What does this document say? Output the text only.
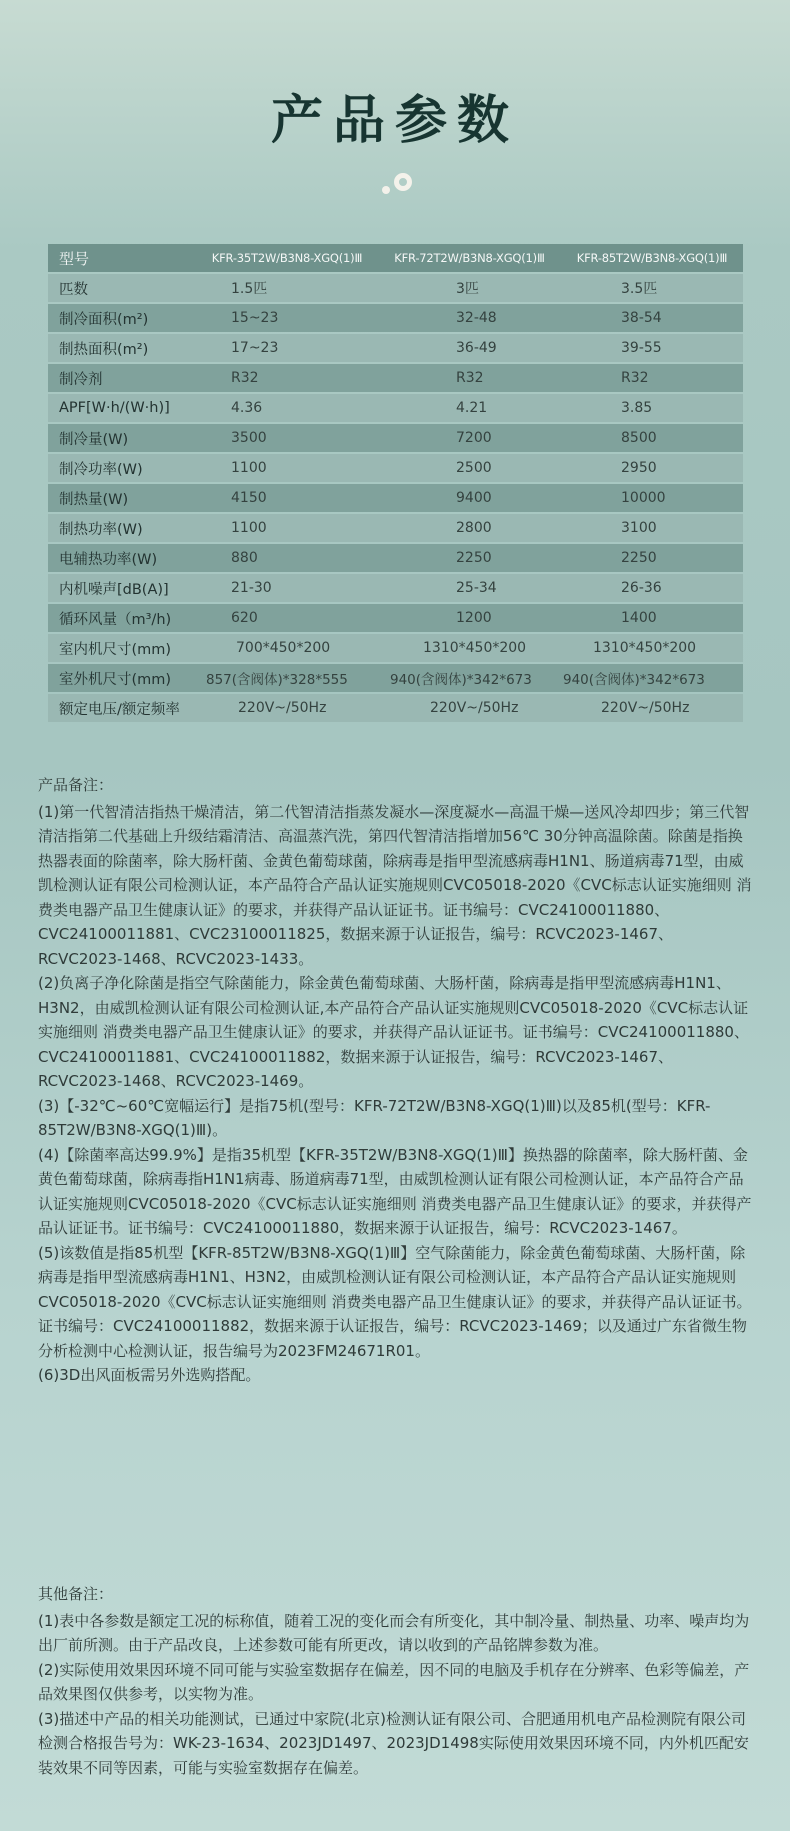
产品参数
型号	KFR-35T2W/B3N8-XGQ(1)Ⅲ	KFR-72T2W/B3N8-XGQ(1)Ⅲ	KFR-85T2W/B3N8-XGQ(1)Ⅲ
匹数	1.5匹	3匹	3.5匹
制冷面积(m²)	15~23	32-48	38-54
制热面积(m²)	17~23	36-49	39-55
制冷剂	R32	R32	R32
APF[W·h/(W·h)]	4.36	4.21	3.85
制冷量(W)	3500	7200	8500
制冷功率(W)	1100	2500	2950
制热量(W)	4150	9400	10000
制热功率(W)	1100	2800	3100
电辅热功率(W)	880	2250	2250
内机噪声[dB(A)]	21-30	25-34	26-36
循环风量（m³/h)	620	1200	1400
室内机尺寸(mm)	700*450*200	1310*450*200	1310*450*200
室外机尺寸(mm)	857(含阀体)*328*555	940(含阀体)*342*673	940(含阀体)*342*673
额定电压/额定频率	220V~/50Hz	220V~/50Hz	220V~/50Hz

产品备注：

(1)第一代智清洁指热干燥清洁，第二代智清洁指蒸发凝水—深度凝水—高温干燥—送风冷却四步；第三代智清洁指第二代基础上升级结霜清洁、高温蒸汽洗，第四代智清洁指增加56℃ 30分钟高温除菌。除菌是指换热器表面的除菌率，除大肠杆菌、金黄色葡萄球菌，除病毒是指甲型流感病毒H1N1、肠道病毒71型，由威凯检测认证有限公司检测认证，本产品符合产品认证实施规则CVC05018-2020《CVC标志认证实施细则 消费类电器产品卫生健康认证》的要求，并获得产品认证证书。证书编号：CVC24100011880、CVC24100011881、CVC23100011825，数据来源于认证报告，编号：RCVC2023-1467、RCVC2023-1468、RCVC2023-1433。

(2)负离子净化除菌是指空气除菌能力，除金黄色葡萄球菌、大肠杆菌，除病毒是指甲型流感病毒H1N1、H3N2，由威凯检测认证有限公司检测认证,本产品符合产品认证实施规则CVC05018-2020《CVC标志认证实施细则 消费类电器产品卫生健康认证》的要求，并获得产品认证证书。证书编号：CVC24100011880、CVC24100011881、CVC24100011882，数据来源于认证报告，编号：RCVC2023-1467、RCVC2023-1468、RCVC2023-1469。

(3)【-32℃~60℃宽幅运行】是指75机(型号：KFR-72T2W/B3N8-XGQ(1)Ⅲ)以及85机(型号：KFR-85T2W/B3N8-XGQ(1)Ⅲ)。

(4)【除菌率高达99.9%】是指35机型【KFR-35T2W/B3N8-XGQ(1)Ⅲ】换热器的除菌率，除大肠杆菌、金黄色葡萄球菌，除病毒指H1N1病毒、肠道病毒71型，由威凯检测认证有限公司检测认证，本产品符合产品认证实施规则CVC05018-2020《CVC标志认证实施细则 消费类电器产品卫生健康认证》的要求，并获得产品认证证书。证书编号：CVC24100011880，数据来源于认证报告，编号：RCVC2023-1467。

(5)该数值是指85机型【KFR-85T2W/B3N8-XGQ(1)Ⅲ】空气除菌能力，除金黄色葡萄球菌、大肠杆菌，除病毒是指甲型流感病毒H1N1、H3N2，由威凯检测认证有限公司检测认证，本产品符合产品认证实施规则CVC05018-2020《CVC标志认证实施细则 消费类电器产品卫生健康认证》的要求，并获得产品认证证书。证书编号：CVC24100011882，数据来源于认证报告，编号：RCVC2023-1469；以及通过广东省微生物分析检测中心检测认证，报告编号为2023FM24671R01。

(6)3D出风面板需另外选购搭配。

其他备注：

(1)表中各参数是额定工况的标称值，随着工况的变化而会有所变化，其中制冷量、制热量、功率、噪声均为出厂前所测。由于产品改良，上述参数可能有所更改，请以收到的产品铭牌参数为准。

(2)实际使用效果因环境不同可能与实验室数据存在偏差，因不同的电脑及手机存在分辨率、色彩等偏差，产品效果图仅供参考，以实物为准。

(3)描述中产品的相关功能测试，已通过中家院(北京)检测认证有限公司、合肥通用机电产品检测院有限公司检测合格报告号为：WK-23-1634、2023JD1497、2023JD1498实际使用效果因环境不同，内外机匹配安装效果不同等因素，可能与实验室数据存在偏差。
